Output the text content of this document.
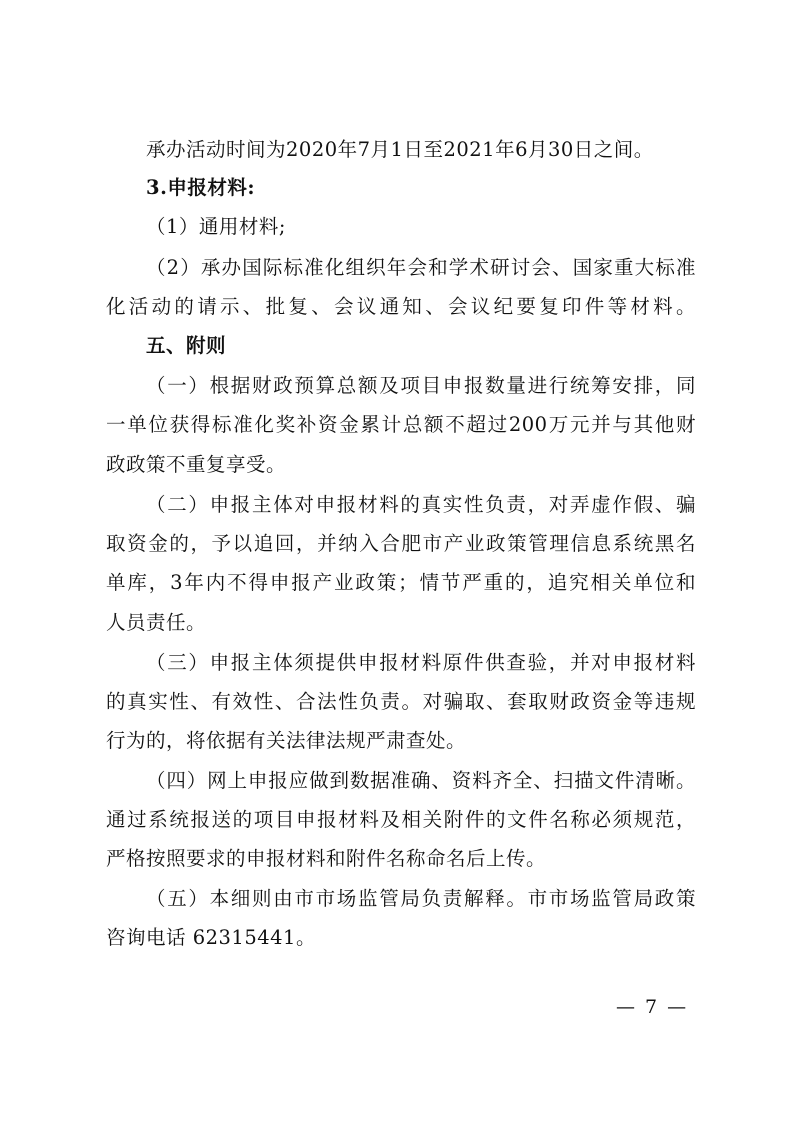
承办活动时间为2020年7月1日至2021年6月30日之间。
3.申报材料:
（1）通用材料;
（2）承办国际标准化组织年会和学术研讨会、国家重大标准
化活动的请示、批复、会议通知、会议纪要复印件等材料。
五、附则
（一）根据财政预算总额及项目申报数量进行统筹安排，同
一单位获得标准化奖补资金累计总额不超过200万元并与其他财
政政策不重复享受。
（二）申报主体对申报材料的真实性负责，对弄虚作假、骗
取资金的，予以追回，并纳入合肥市产业政策管理信息系统黑名
单库，3年内不得申报产业政策；情节严重的，追究相关单位和
人员责任。
（三）申报主体须提供申报材料原件供查验，并对申报材料
的真实性、有效性、合法性负责。对骗取、套取财政资金等违规
行为的，将依据有关法律法规严肃查处。
（四）网上申报应做到数据准确、资料齐全、扫描文件清晰。
通过系统报送的项目申报材料及相关附件的文件名称必须规范，
严格按照要求的申报材料和附件名称命名后上传。
（五）本细则由市市场监管局负责解释。市市场监管局政策
咨询电话 62315441。
— 7 —
